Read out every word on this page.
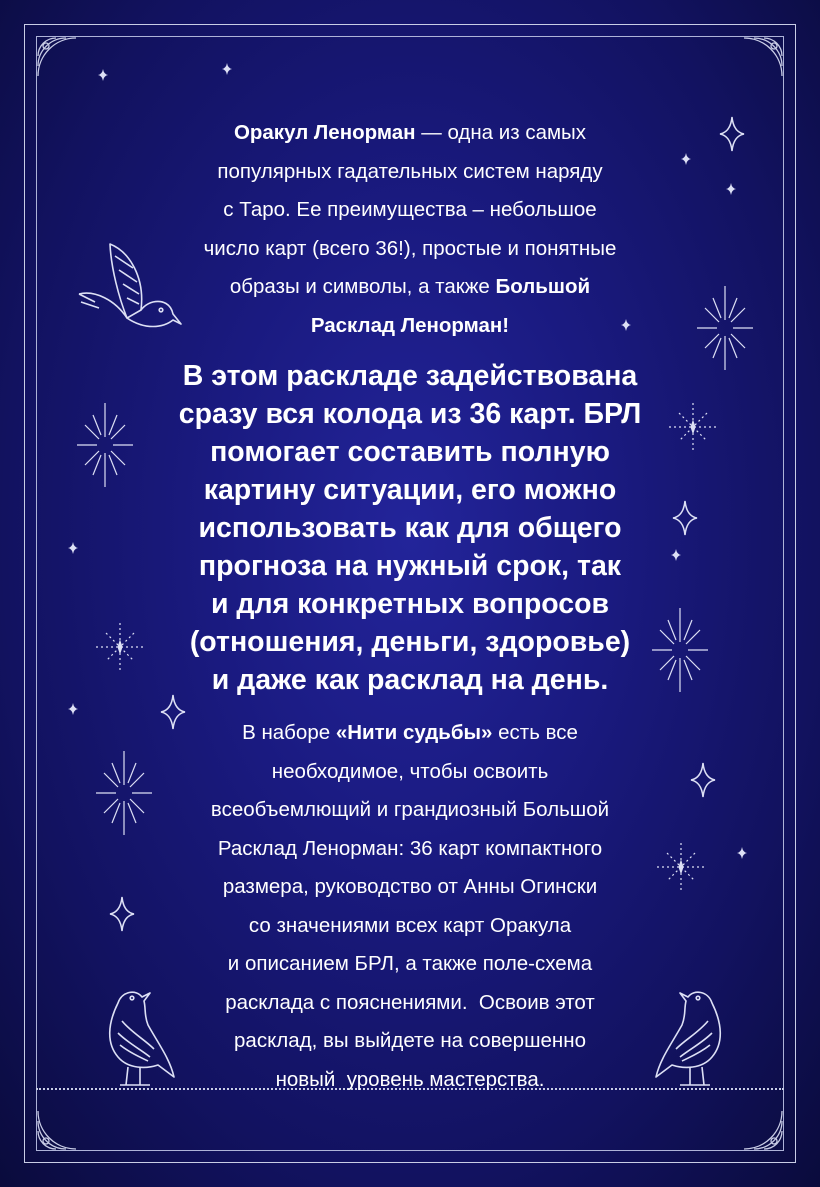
Оракул Ленорман — одна из самых
популярных гадательных систем наряду
с Таро. Ее преимущества – небольшое
число карт (всего 36!), простые и понятные
образы и символы, а также Большой
Расклад Ленорман!
В этом раскладе задействована
сразу вся колода из 36 карт. БРЛ
помогает составить полную
картину ситуации, его можно
использовать как для общего
прогноза на нужный срок, так
и для конкретных вопросов
(отношения, деньги, здоровье)
и даже как расклад на день.
В наборе «Нити судьбы» есть все
необходимое, чтобы освоить
всеобъемлющий и грандиозный Большой
Расклад Ленорман: 36 карт компактного
размера, руководство от Анны Огински
со значениями всех карт Оракула
и описанием БРЛ, а также поле-схема
расклада с пояснениями.  Освоив этот
расклад, вы выйдете на совершенно
новый  уровень мастерства.
